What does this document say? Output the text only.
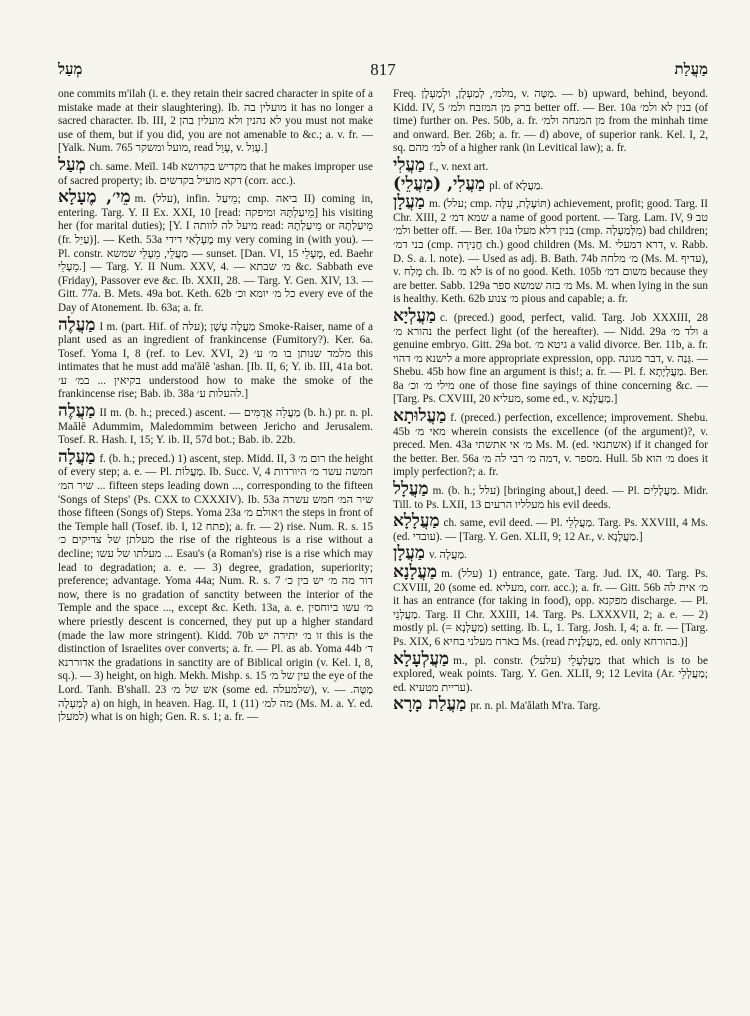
מְעַל	817	מַעֲלַת

one commits m'ilah (i. e. they retain their sacred character in spite of a mistake made at their slaughtering). Ib. מועלין בה it has no longer a sacred character. Ib. III, 2 לא נהנין ולא מועלין בהן you must not make use of them, but if you did, you are not amenable to &c.; a. v. fr. — [Yalk. Num. 765 מועל ומשקר, read עָוֵל, v. עָוַל.]

מְעַל ch. same. Meïl. 14b מקדיש בקדושא that he makes improper use of sacred property; ib. דקא מועיל בקדשים (corr. acc.).

מֵי׳, מֶעָלָא m. (עלל), infin. מֵיעַל; cmp. ביאה II) coming in, entering. Targ. Y. II Ex. XXI, 10 [read: מֵיעַלְתָּהּ ומיפקה] his visiting her (for marital duties); [Y. I מיעל לה לוותה read: מֵיעַלְתָהּ or מֵיעַלְתָהּ (fr. עַיֵל)]. — Keth. 53a מֶעָלָאִי דידי my very coming in (with you). — Pl. constr. מַעֲלֵי, מֵעָלֵי שמשא — sunset. [Dan. VI, 15 מֶעָלֵי, ed. Baehr מֵעָלֵי.] — Targ. Y. II Num. XXV, 4. — מ׳ שבתא &c. Sabbath eve (Friday), Passover eve &c. Ib. XXII, 28. — Targ. Y. Gen. XIV, 13. — Gitt. 77a. B. Mets. 49a bot. Keth. 62b כל מ׳ יומא וכ׳ every eve of the Day of Atonement. Ib. 63a; a. fr.

מַעֲלֶה I m. (part. Hif. of עלה); מַעֲלֶה עָשָׁן Smoke-Raiser, name of a plant used as an ingredient of frankincense (Fumitory?). Ker. 6a. Tosef. Yoma I, 8 (ref. to Lev. XVI, 2) מלמד שנותן בו מ׳ ע׳ this intimates that he must add ma'ălê 'ashan. [Ib. II, 6; Y. ib. III, 41a bot. בקיאין ... במ׳ ע׳ understood how to make the smoke of the frankincense rise; Bab. ib. 38a להעלות ע׳.]

מַעֲלֶה II m. (b. h.; preced.) ascent. — מַעֲלֵה אֲדֻמִּים (b. h.) pr. n. pl. Maălê Adummim, Maledommim between Jericho and Jerusalem. Tosef. R. Hash. I, 15; Y. ib. II, 57d bot.; Bab. ib. 22b.

מַעֲלָה f. (b. h.; preced.) 1) ascent, step. Midd. II, 3 רום מ׳ the height of every step; a. e. — Pl. מַעֲלוֹת. Ib. Succ. V, 4 חמשה עשר מ׳ היורדות ... שיר המ׳ fifteen steps leading down ..., corresponding to the fifteen 'Songs of Steps' (Ps. CXX to CXXXIV). Ib. 53a שיר המ׳ חמש עשרה those fifteen (Songs of) Steps. Yoma 23a ו׳אולם מ׳ the steps in front of the Temple hall (Tosef. ib. I, 12 פתח); a. fr. — 2) rise. Num. R. s. 15 מעלתן של צדיקים כ׳ the rise of the righteous is a rise without a decline; מעלתו של עשו ... Esau's (a Roman's) rise is a rise which may lead to degradation; a. e. — 3) degree, gradation, superiority; preference; advantage. Yoma 44a; Num. R. s. 7 דור מה מ׳ יש בין כ׳ now, there is no gradation of sanctity between the interior of the Temple and the space ..., except &c. Keth. 13a, a. e. מ׳ עשו ביוחסין where priestly descent is concerned, they put up a higher standard (made the law more stringent). Kidd. 70b זו מ׳ יתירה יש this is the distinction of Israelites over converts; a. fr. — Pl. as ab. Yoma 44b ד׳ אדוררנא the gradations in sanctity are of Biblical origin (v. Kel. I, 8, sq.). — 3) height, on high. Mekh. Mishp. s. 15 עין של מ׳ the eye of the Lord. Tanh. B'shall. 23 אש של מ׳ (some ed. שלמעלה), v. מַטָּה. — לְמַעְלָה a) on high, in heaven. Hag. II, 1 (11) מה למ׳ (Ms. M. a. Y. ed. למעלן) what is on high; Gen. R. s. 1; a. fr. —

Freq. מלמ׳, לְמַעְלָן, ולְמַעְלָן, v. מַטָּה. — b) upward, behind, beyond. Kidd. IV, 5 ברק מן המזבח ולמ׳ better off. — Ber. 10a בנין לא ולמ׳ (of time) further on. Pes. 50b, a. fr. מן המנחה ולמ׳ from the minhah time and onward. Ber. 26b; a. fr. — d) above, of superior rank. Kel. I, 2, sq. למ׳ מהם of a higher rank (in Levitical law); a. fr.

מַעֲלִי f., v. next art.

מַעֲלִי, (מַעֲלֵי) pl. of מַעֲלָא.

מַעֲלָן m. (עלל; cmp. תּוֹעֶלֶת, עִלָּה) achievement, profit; good. Targ. II Chr. XIII, 2 שמא דמ׳ a name of good portent. — Targ. Lam. IV, 9 טב ולמ׳ better off. — Ber. 10a בנין דלא מעלו (cmp. מִלְּמַעְלָה) bad children; בני דמ׳ (cmp. חֲנִירָה ch.) good children (Ms. M. דרא דמעלי, v. Rabb. D. S. a. l. note). — Used as adj. B. Bath. 74b מ׳ מלחה (Ms. M. עדיף), v. מָלַח ch. Ib. לא מ׳ is of no good. Keth. 105b משום דמ׳ because they are better. Sabb. 129a מ׳ בזה שמשא ספר Ms. M. when lying in the sun is healthy. Keth. 62b מ׳ צנוע pious and capable; a. fr.

מַעֲלְיָא c. (preced.) good, perfect, valid. Targ. Job XXXIII, 28 נהורא מ׳ the perfect light (of the hereafter). — Nidd. 29a ולד מ׳ a genuine embryo. Gitt. 29a bot. גיטא מ׳ a valid divorce. Ber. 11b, a. fr. לישנא מ׳ דהוי a more appropriate expression, opp. דבר מגונה, v. גְּנַה. — Shebu. 45b how fine an argument is this!; a. fr. — Pl. f. מַעֲלְיָתָא. Ber. 8a מילי מ׳ וכ׳ one of those fine sayings of thine concerning &c. — [Targ. Ps. CXVIII, 20 מעליא, some ed., v. מַעֲלָנָא.]

מַעֲלוּתָא f. (preced.) perfection, excellence; improvement. Shebu. 45b מאי מ׳ wherein consists the excellence (of the argument)?, v. preced. Men. 43a מ׳ אי אתשתי Ms. M. (ed. אשתנאי) if it changed for the better. Ber. 56a דמה מ׳ רבי לה מ׳, v. מספר. Hull. 5b מ׳ הוא does it imply perfection?; a. fr.

מַעֲלָל m. (b. h.; עלל) [bringing about,] deed. — Pl. מַעֲלָלִים. Midr. Till. to Ps. LXII, 13 מעלליו הרעים his evil deeds.

מַעֲלָלָא ch. same, evil deed. — Pl. מַעֲלְלֵי. Targ. Ps. XXVIII, 4 Ms. (ed. עובדי). — [Targ. Y. Gen. XLII, 9; 12 Ar., v. מַעֲלָנָא.]

מַעֲלָן v. מַעֲלָה.

מַעֲלָנָא m. (עלל) 1) entrance, gate. Targ. Jud. IX, 40. Targ. Ps. CXVIII, 20 (some ed. מעליא, corr. acc.); a. fr. — Gitt. 56b מ׳ אית לה it has an entrance (for taking in food), opp. מפקנא discharge. — Pl. מַעֲלְנֵי. Targ. II Chr. XXIII, 14. Targ. Ps. LXXXVII, 2; a. e. — 2) mostly pl. (= מַעֲלְנָא) setting. Ib. L, 1. Targ. Josh. I, 4; a. fr. — [Targ. Ps. XIX, 6 בארח מעלני בחיא Ms. (read מַעֲלְנָית, ed. only בהורחא.)]

מַעֲלְעָלָא m., pl. constr. מַעֲלְעָלֵי (עלעל) that which is to be explored, weak points. Targ. Y. Gen. XLII, 9; 12 Levita (Ar. מַעֲלְלֵי; ed. עריית מטעיא).

מַעֲלַת מָרָא pr. n. pl. Ma'ălath M'ra. Targ.
